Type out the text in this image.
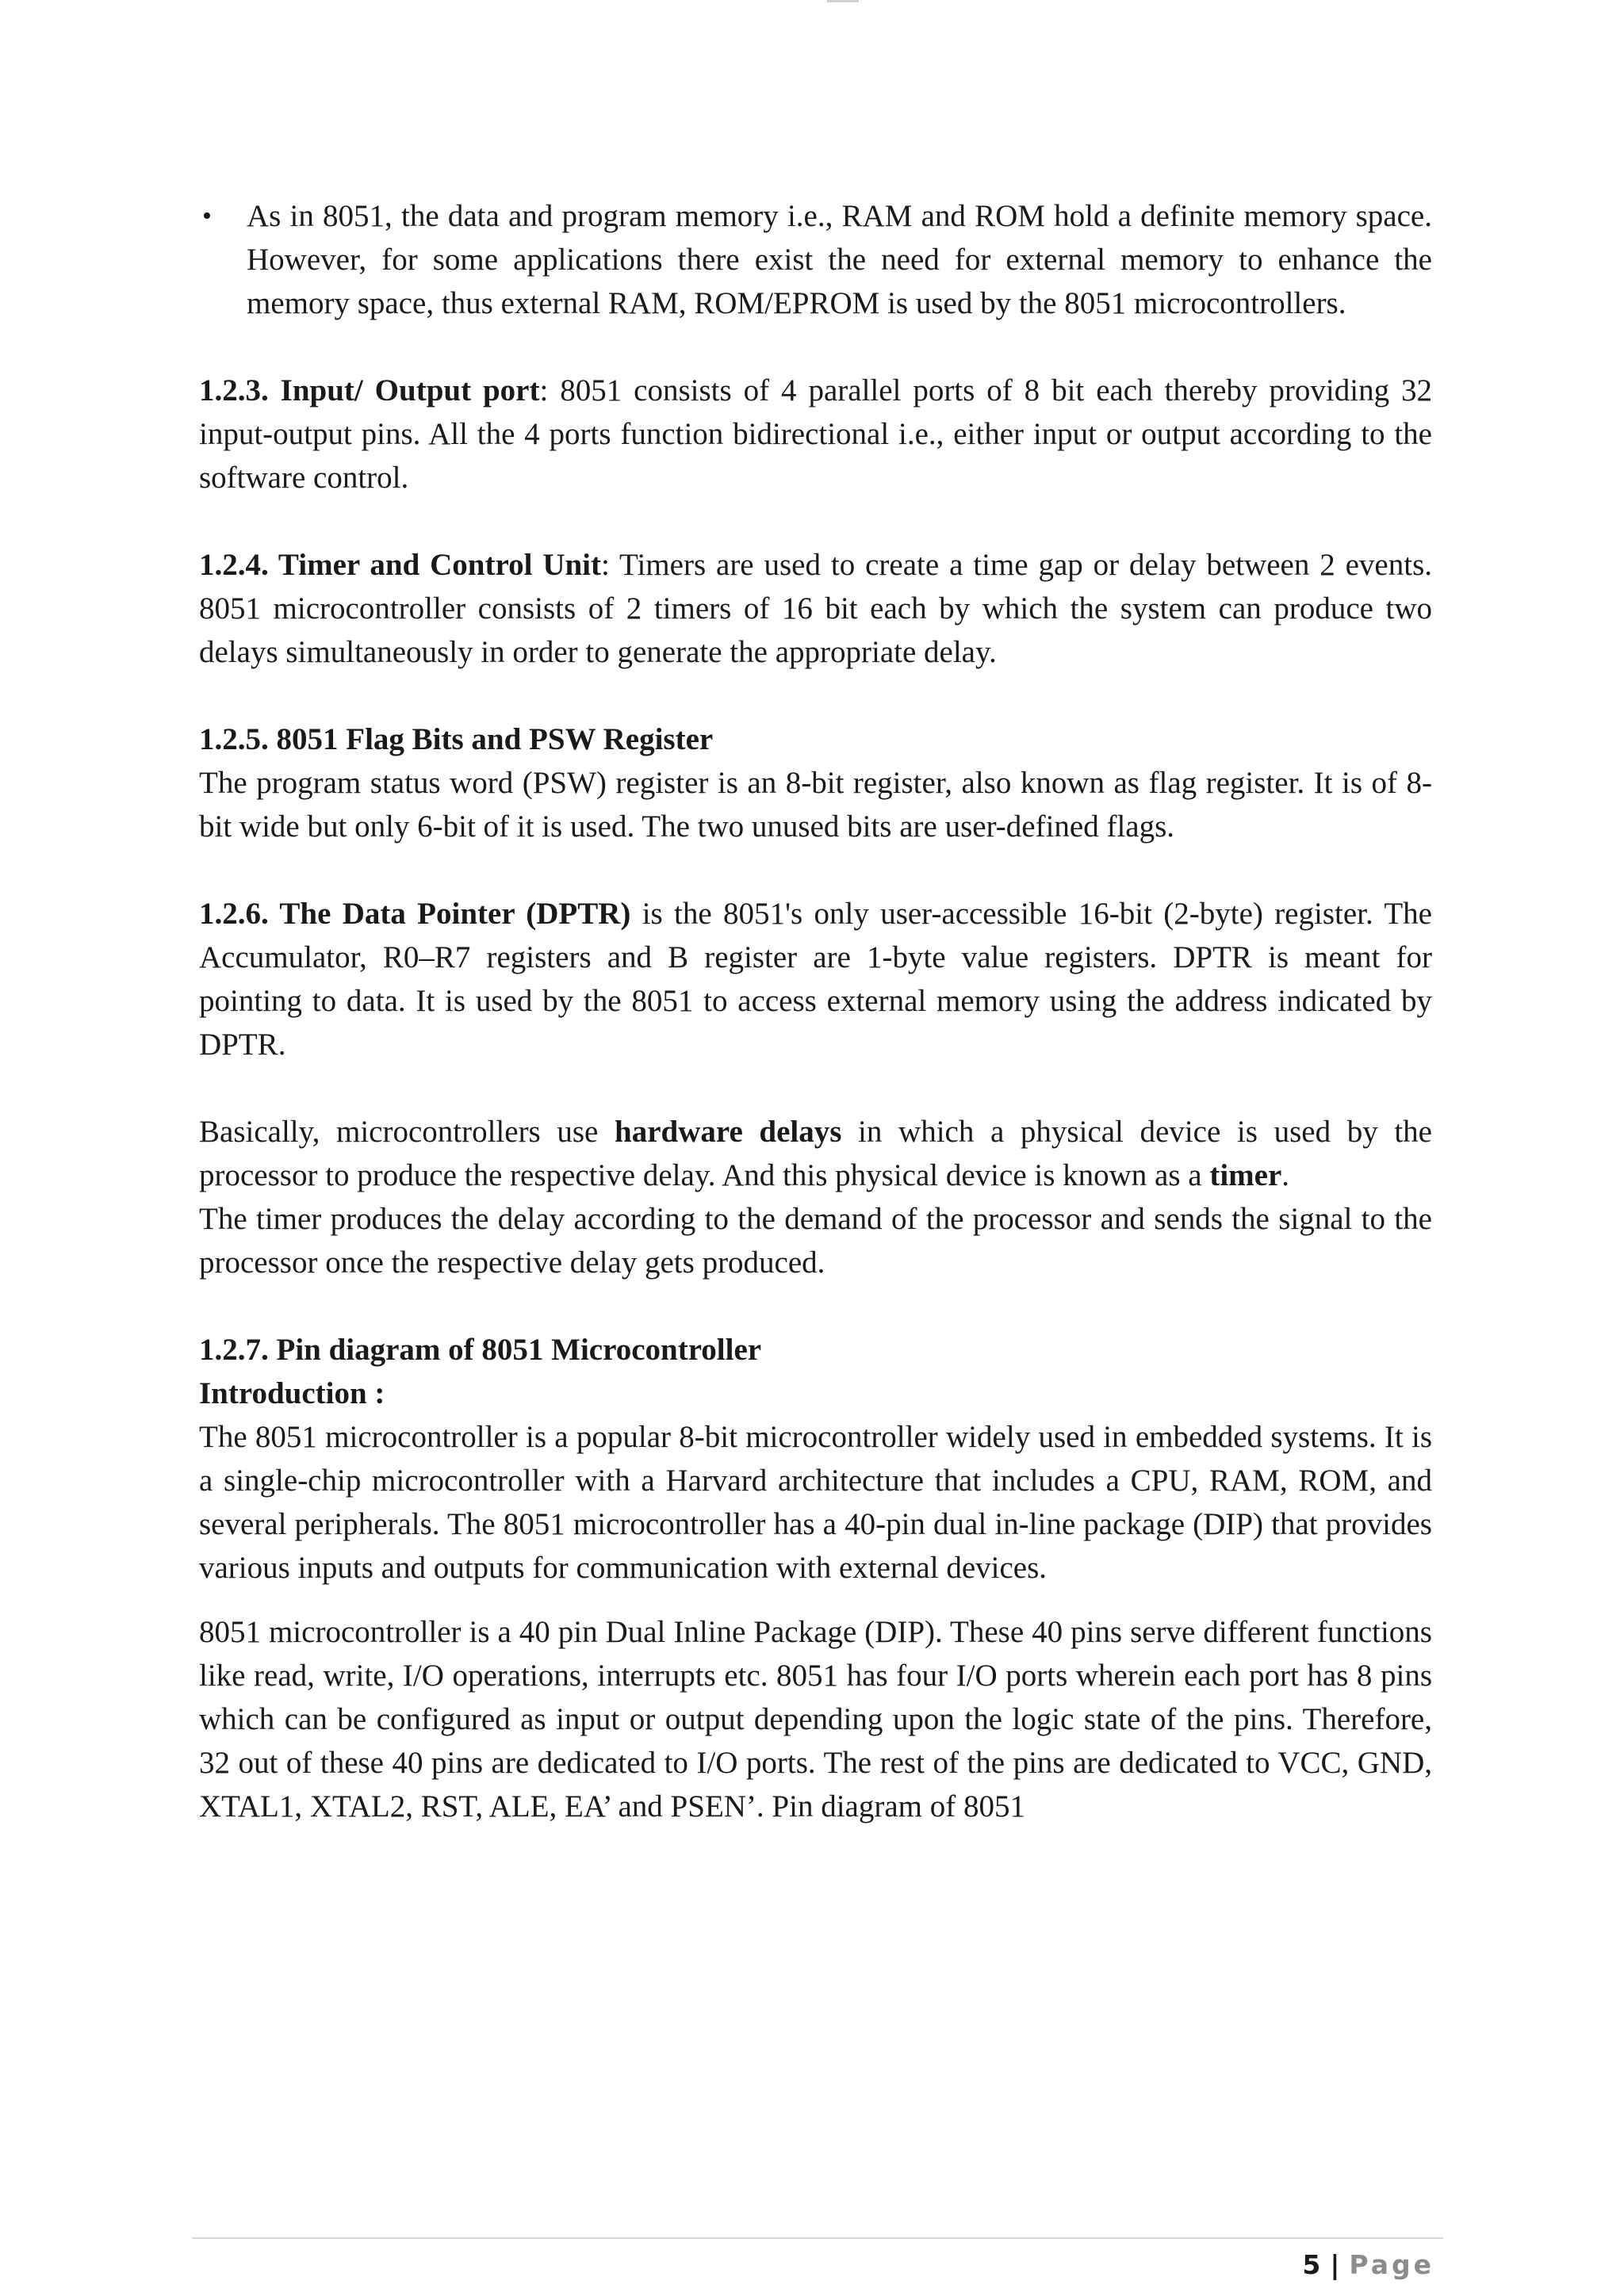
• As in 8051, the data and program memory i.e., RAM and ROM hold a definite memory space. However, for some applications there exist the need for external memory to enhance the memory space, thus external RAM, ROM/EPROM is used by the 8051 microcontrollers.

1.2.3. Input/ Output port: 8051 consists of 4 parallel ports of 8 bit each thereby providing 32 input-output pins. All the 4 ports function bidirectional i.e., either input or output according to the software control.

1.2.4. Timer and Control Unit: Timers are used to create a time gap or delay between 2 events. 8051 microcontroller consists of 2 timers of 16 bit each by which the system can produce two delays simultaneously in order to generate the appropriate delay.

1.2.5. 8051 Flag Bits and PSW Register

The program status word (PSW) register is an 8-bit register, also known as flag register. It is of 8-bit wide but only 6-bit of it is used. The two unused bits are user-defined flags.

1.2.6. The Data Pointer (DPTR) is the 8051's only user-accessible 16-bit (2-byte) register. The Accumulator, R0–R7 registers and B register are 1-byte value registers. DPTR is meant for pointing to data. It is used by the 8051 to access external memory using the address indicated by DPTR.

Basically, microcontrollers use hardware delays in which a physical device is used by the processor to produce the respective delay. And this physical device is known as a timer.

The timer produces the delay according to the demand of the processor and sends the signal to the processor once the respective delay gets produced.

1.2.7. Pin diagram of 8051 Microcontroller

Introduction :

The 8051 microcontroller is a popular 8-bit microcontroller widely used in embedded systems. It is a single-chip microcontroller with a Harvard architecture that includes a CPU, RAM, ROM, and several peripherals. The 8051 microcontroller has a 40-pin dual in-line package (DIP) that provides various inputs and outputs for communication with external devices.

8051 microcontroller is a 40 pin Dual Inline Package (DIP). These 40 pins serve different functions like read, write, I/O operations, interrupts etc. 8051 has four I/O ports wherein each port has 8 pins which can be configured as input or output depending upon the logic state of the pins. Therefore, 32 out of these 40 pins are dedicated to I/O ports. The rest of the pins are dedicated to VCC, GND, XTAL1, XTAL2, RST, ALE, EA’ and PSEN’. Pin diagram of 8051

5 | Page
